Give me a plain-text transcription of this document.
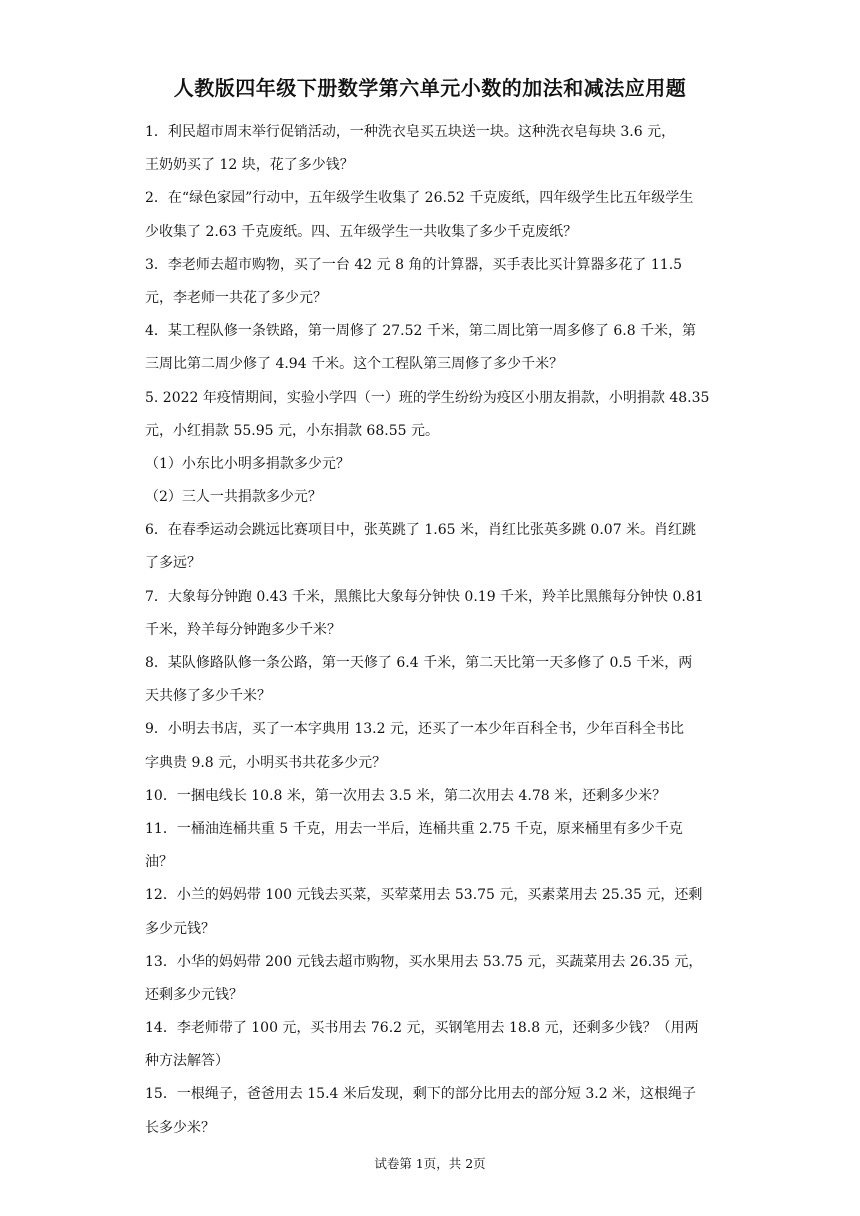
人教版四年级下册数学第六单元小数的加法和减法应用题
1．利民超市周末举行促销活动，一种洗衣皂买五块送一块。这种洗衣皂每块 3.6 元，
王奶奶买了 12 块，花了多少钱？
2．在“绿色家园”行动中，五年级学生收集了 26.52 千克废纸，四年级学生比五年级学生
少收集了 2.63 千克废纸。四、五年级学生一共收集了多少千克废纸？
3．李老师去超市购物，买了一台 42 元 8 角的计算器，买手表比买计算器多花了 11.5
元，李老师一共花了多少元？
4．某工程队修一条铁路，第一周修了 27.52 千米，第二周比第一周多修了 6.8 千米，第
三周比第二周少修了 4.94 千米。这个工程队第三周修了多少千米？
5. 2022 年疫情期间，实验小学四（一）班的学生纷纷为疫区小朋友捐款，小明捐款 48.35
元，小红捐款 55.95 元，小东捐款 68.55 元。
（1）小东比小明多捐款多少元？
（2）三人一共捐款多少元？
6．在春季运动会跳远比赛项目中，张英跳了 1.65 米，肖红比张英多跳 0.07 米。肖红跳
了多远？
7．大象每分钟跑 0.43 千米，黑熊比大象每分钟快 0.19 千米，羚羊比黑熊每分钟快 0.81
千米，羚羊每分钟跑多少千米？
8．某队修路队修一条公路，第一天修了 6.4 千米，第二天比第一天多修了 0.5 千米，两
天共修了多少千米？
9．小明去书店，买了一本字典用 13.2 元，还买了一本少年百科全书，少年百科全书比
字典贵 9.8 元，小明买书共花多少元？
10．一捆电线长 10.8 米，第一次用去 3.5 米，第二次用去 4.78 米，还剩多少米？
11．一桶油连桶共重 5 千克，用去一半后，连桶共重 2.75 千克，原来桶里有多少千克
油？
12．小兰的妈妈带 100 元钱去买菜，买荤菜用去 53.75 元，买素菜用去 25.35 元，还剩
多少元钱？
13．小华的妈妈带 200 元钱去超市购物，买水果用去 53.75 元，买蔬菜用去 26.35 元，
还剩多少元钱？
14．李老师带了 100 元，买书用去 76.2 元，买钢笔用去 18.8 元，还剩多少钱？（用两
种方法解答）
15．一根绳子，爸爸用去 15.4 米后发现，剩下的部分比用去的部分短 3.2 米，这根绳子
长多少米？
试卷第 1页，共 2页
